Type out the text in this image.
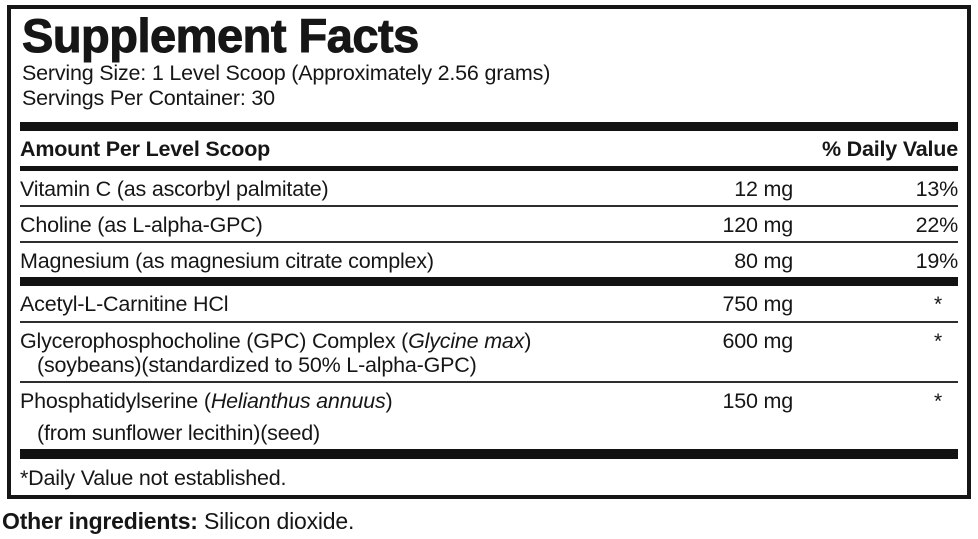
Supplement Facts
Serving Size: 1 Level Scoop (Approximately 2.56 grams)
Servings Per Container: 30
Amount Per Level Scoop	% Daily Value
Vitamin C (as ascorbyl palmitate)	12 mg	13%
Choline (as L-alpha-GPC)	120 mg	22%
Magnesium (as magnesium citrate complex)	80 mg	19%
Acetyl-L-Carnitine HCl	750 mg	*
Glycerophosphocholine (GPC) Complex (Glycine max)
(soybeans)(standardized to 50% L-alpha-GPC)
600 mg	*
Phosphatidylserine (Helianthus annuus)
(from sunflower lecithin)(seed)
150 mg	*
*Daily Value not established.
Other ingredients: Silicon dioxide.
